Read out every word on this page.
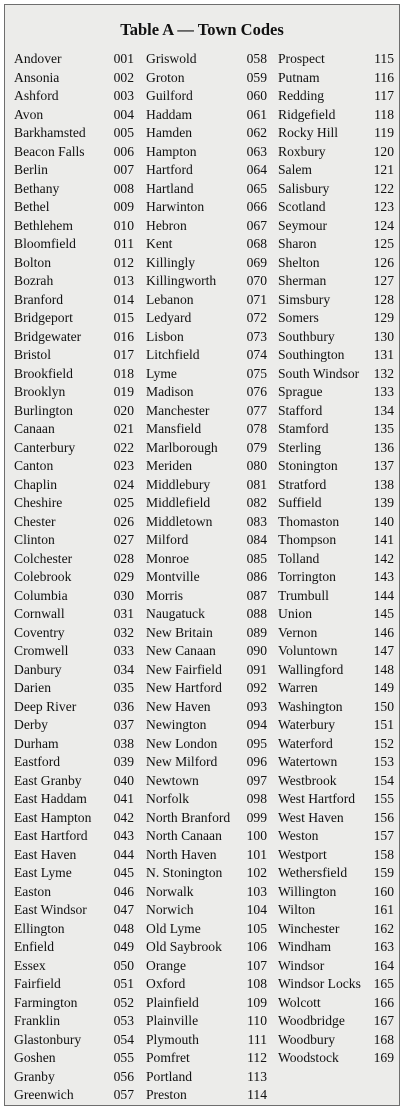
Table A — Town Codes
Andover	001
Ansonia	002
Ashford	003
Avon	004
Barkhamsted	005
Beacon Falls	006
Berlin	007
Bethany	008
Bethel	009
Bethlehem	010
Bloomfield	011
Bolton	012
Bozrah	013
Branford	014
Bridgeport	015
Bridgewater	016
Bristol	017
Brookfield	018
Brooklyn	019
Burlington	020
Canaan	021
Canterbury	022
Canton	023
Chaplin	024
Cheshire	025
Chester	026
Clinton	027
Colchester	028
Colebrook	029
Columbia	030
Cornwall	031
Coventry	032
Cromwell	033
Danbury	034
Darien	035
Deep River	036
Derby	037
Durham	038
Eastford	039
East Granby	040
East Haddam	041
East Hampton	042
East Hartford	043
East Haven	044
East Lyme	045
Easton	046
East Windsor	047
Ellington	048
Enfield	049
Essex	050
Fairfield	051
Farmington	052
Franklin	053
Glastonbury	054
Goshen	055
Granby	056
Greenwich	057
Griswold	058
Groton	059
Guilford	060
Haddam	061
Hamden	062
Hampton	063
Hartford	064
Hartland	065
Harwinton	066
Hebron	067
Kent	068
Killingly	069
Killingworth	070
Lebanon	071
Ledyard	072
Lisbon	073
Litchfield	074
Lyme	075
Madison	076
Manchester	077
Mansfield	078
Marlborough	079
Meriden	080
Middlebury	081
Middlefield	082
Middletown	083
Milford	084
Monroe	085
Montville	086
Morris	087
Naugatuck	088
New Britain	089
New Canaan	090
New Fairfield	091
New Hartford	092
New Haven	093
Newington	094
New London	095
New Milford	096
Newtown	097
Norfolk	098
North Branford	099
North Canaan	100
North Haven	101
N. Stonington	102
Norwalk	103
Norwich	104
Old Lyme	105
Old Saybrook	106
Orange	107
Oxford	108
Plainfield	109
Plainville	110
Plymouth	111
Pomfret	112
Portland	113
Preston	114
Prospect	115
Putnam	116
Redding	117
Ridgefield	118
Rocky Hill	119
Roxbury	120
Salem	121
Salisbury	122
Scotland	123
Seymour	124
Sharon	125
Shelton	126
Sherman	127
Simsbury	128
Somers	129
Southbury	130
Southington	131
South Windsor	132
Sprague	133
Stafford	134
Stamford	135
Sterling	136
Stonington	137
Stratford	138
Suffield	139
Thomaston	140
Thompson	141
Tolland	142
Torrington	143
Trumbull	144
Union	145
Vernon	146
Voluntown	147
Wallingford	148
Warren	149
Washington	150
Waterbury	151
Waterford	152
Watertown	153
Westbrook	154
West Hartford	155
West Haven	156
Weston	157
Westport	158
Wethersfield	159
Willington	160
Wilton	161
Winchester	162
Windham	163
Windsor	164
Windsor Locks 165
Wolcott	166
Woodbridge	167
Woodbury	168
Woodstock	169
